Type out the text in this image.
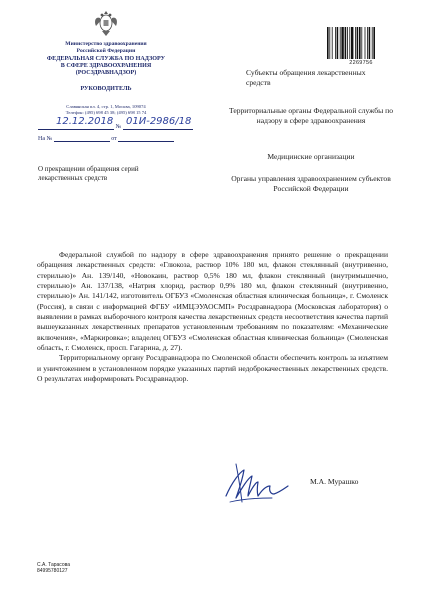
Министерство здравоохранения
Российской Федерации
ФЕДЕРАЛЬНАЯ СЛУЖБА ПО НАДЗОРУ
В СФЕРЕ ЗДРАВООХРАНЕНИЯ
(РОСЗДРАВНАДЗОР)
РУКОВОДИТЕЛЬ
Славянская пл. 4, стр. 1, Москва, 109074
Телефон: (495) 698 45 38; (495) 698 15 74
№
12.12.2018 01И-2986/18
На №	от
О прекращении обращения серий лекарственных средств
2269756
Субъекты обращения лекарственных средств
Территориальные органы Федеральной службы по надзору в сфере здравоохранения
Медицинские организации
Органы управления здравоохранением субъектов Российской Федерации

Федеральной службой по надзору в сфере здравоохранения принято решение о прекращении обращения лекарственных средств: «Глюкоза, раствор 10% 180 мл, флакон стеклянный (внутривенно, стерильно)» Ан. 139/140, «Новокаин, раствор 0,5% 180 мл, флакон стеклянный (внутримышечно, стерильно)» Ан. 137/138, «Натрия хлорид, раствор 0,9% 180 мл, флакон стеклянный (внутривенно, стерильно)» Ан. 141/142, изготовитель ОГБУЗ «Смоленская областная клиническая больница», г. Смоленск (Россия), в связи с информацией ФГБУ «ИМЦЭУАОСМП» Росздравнадзора (Московская лаборатория) о выявлении в рамках выборочного контроля качества лекарственных средств несоответствия качества партий вышеуказанных лекарственных препаратов установленным требованиям по показателям: «Механические включения», «Маркировка»; владелец ОГБУЗ «Смоленская областная клиническая больница» (Смоленская область, г. Смоленск, просп. Гагарина, д. 27).

Территориальному органу Росздравнадзора по Смоленской области обеспечить контроль за изъятием и уничтожением в установленном порядке указанных партий недоброкачественных лекарственных средств. О результатах информировать Росздравнадзор.

М.А. Мурашко
С.А. Тарасова
84995780127
